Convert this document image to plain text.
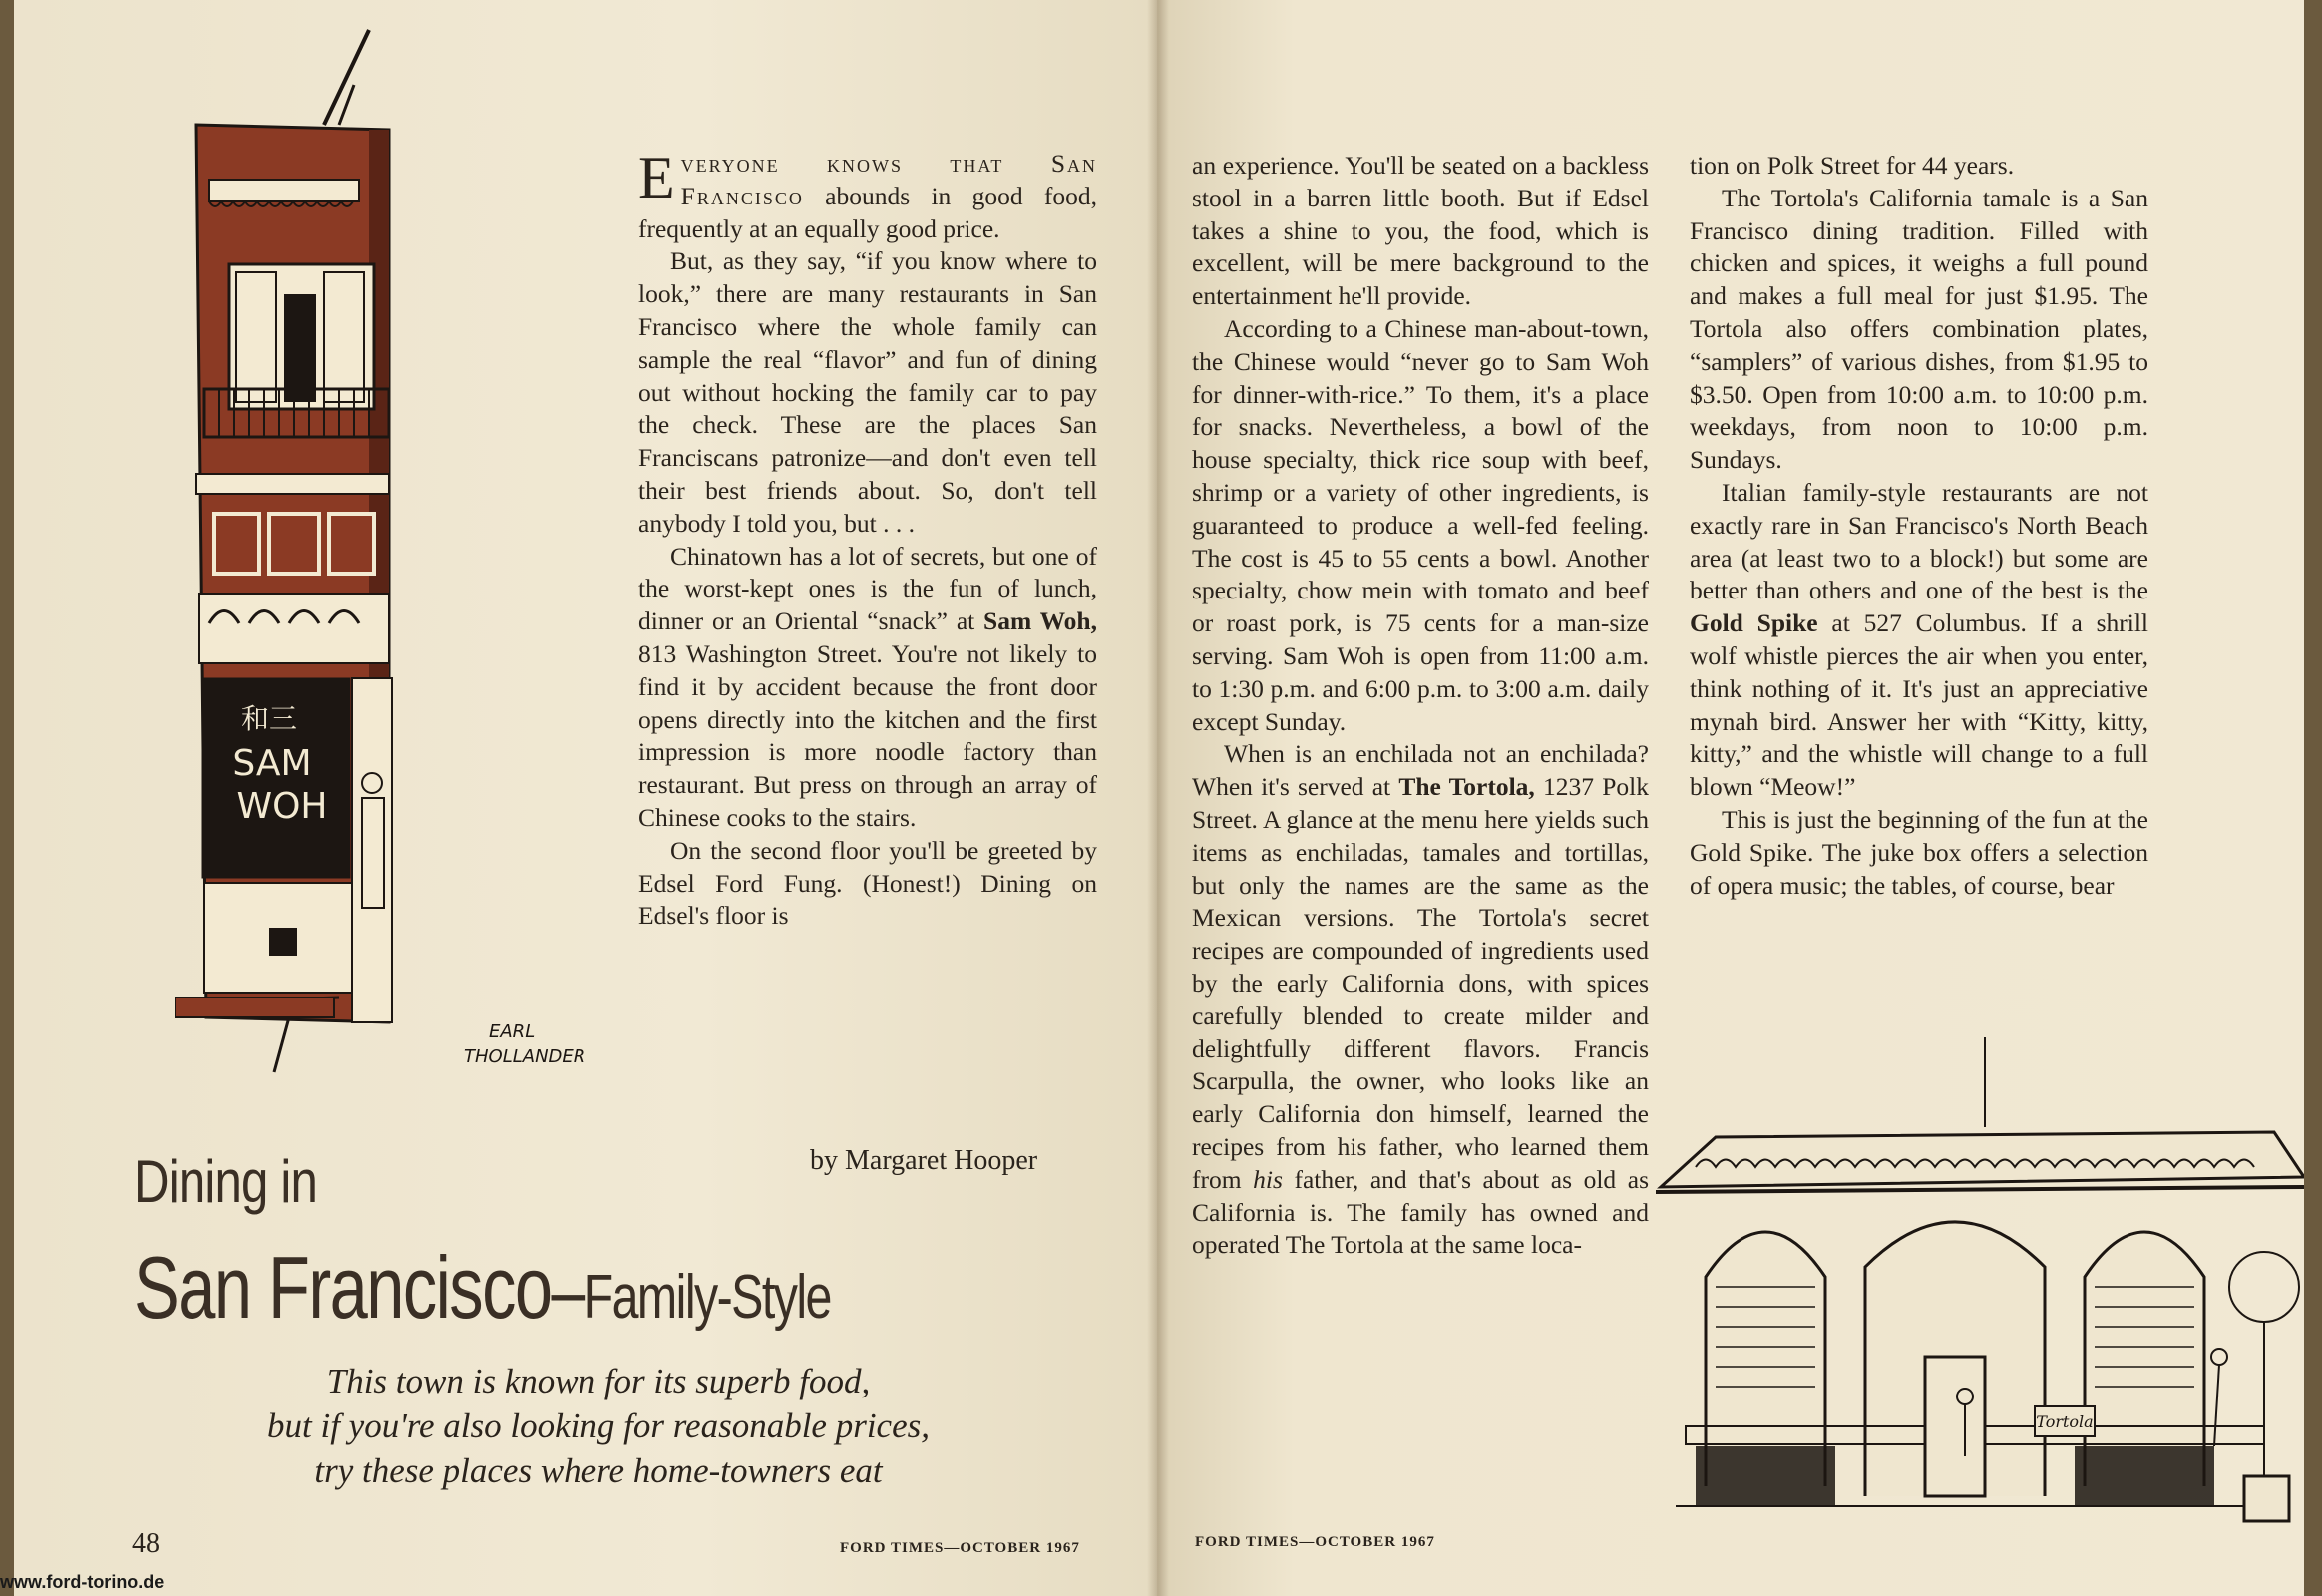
和三
SAM
WOH
EARL
THOLLANDER

Everyone knows that San Francisco abounds in good food, frequently at an equally good price.

But, as they say, “if you know where to look,” there are many restaurants in San Francisco where the whole family can sample the real “flavor” and fun of dining out without hocking the family car to pay the check. These are the places San Franciscans patronize—and don't even tell their best friends about. So, don't tell anybody I told you, but . . .

Chinatown has a lot of secrets, but one of the worst-kept ones is the fun of lunch, dinner or an Oriental “snack” at Sam Woh, 813 Washington Street. You're not likely to find it by accident because the front door opens directly into the kitchen and the first impression is more noodle factory than restaurant. But press on through an array of Chinese cooks to the stairs.

On the second floor you'll be greeted by Edsel Ford Fung. (Honest!) Dining on Edsel's floor is

by Margaret Hooper
Dining in
San Francisco–Family-Style
This town is known for its superb food,
but if you're also looking for reasonable prices,
try these places where home-towners eat
48	FORD TIMES—OCTOBER 1967

an experience. You'll be seated on a backless stool in a barren little booth. But if Edsel takes a shine to you, the food, which is excellent, will be mere background to the entertainment he'll provide.

According to a Chinese man-about-town, the Chinese would “never go to Sam Woh for dinner-with-rice.” To them, it's a place for snacks. Nevertheless, a bowl of the house specialty, thick rice soup with beef, shrimp or a variety of other ingredients, is guaranteed to produce a well-fed feeling. The cost is 45 to 55 cents a bowl. Another specialty, chow mein with tomato and beef or roast pork, is 75 cents for a man-size serving. Sam Woh is open from 11:00 a.m. to 1:30 p.m. and 6:00 p.m. to 3:00 a.m. daily except Sunday.

When is an enchilada not an enchilada? When it's served at The Tortola, 1237 Polk Street. A glance at the menu here yields such items as enchiladas, tamales and tortillas, but only the names are the same as the Mexican versions. The Tortola's secret recipes are compounded of ingredients used by the early California dons, with spices carefully blended to create milder and delightfully different flavors. Francis Scarpulla, the owner, who looks like an early California don himself, learned the recipes from his father, who learned them from his father, and that's about as old as California is. The family has owned and operated The Tortola at the same loca-

tion on Polk Street for 44 years.

The Tortola's California tamale is a San Francisco dining tradition. Filled with chicken and spices, it weighs a full pound and makes a full meal for just $1.95. The Tortola also offers combination plates, “samplers” of various dishes, from $1.95 to $3.50. Open from 10:00 a.m. to 10:00 p.m. weekdays, from noon to 10:00 p.m. Sundays.

Italian family-style restaurants are not exactly rare in San Francisco's North Beach area (at least two to a block!) but some are better than others and one of the best is the Gold Spike at 527 Columbus. If a shrill wolf whistle pierces the air when you enter, think nothing of it. It's just an appreciative mynah bird. Answer her with “Kitty, kitty, kitty,” and the whistle will change to a full blown “Meow!”

This is just the beginning of the fun at the Gold Spike. The juke box offers a selection of opera music; the tables, of course, bear

Tortola
FORD TIMES—OCTOBER 1967
www.ford-torino.de
